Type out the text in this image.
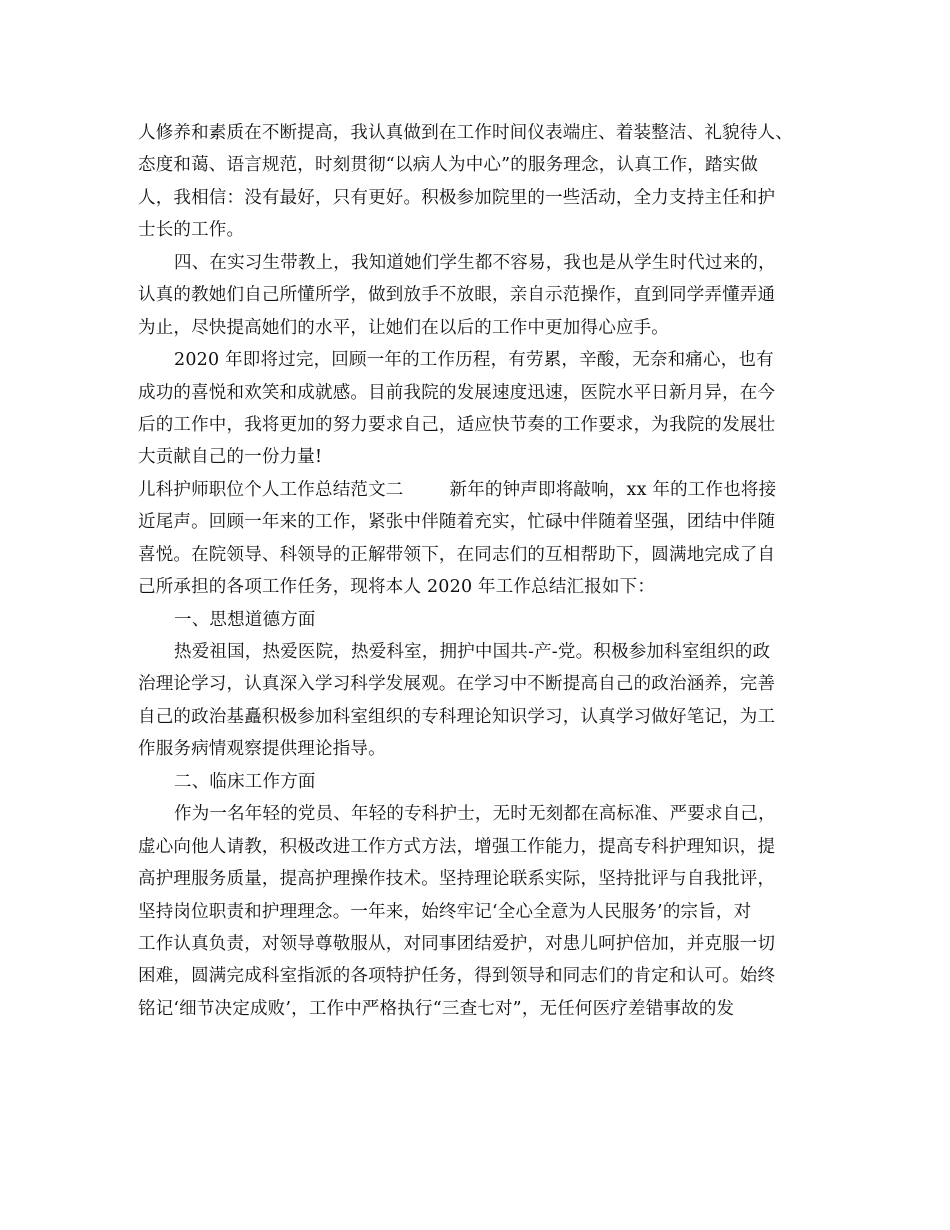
人修养和素质在不断提高，我认真做到在工作时间仪表端庄、着装整洁、礼貌待人、
态度和蔼、语言规范，时刻贯彻“以病人为中心”的服务理念，认真工作，踏实做
人，我相信：没有最好，只有更好。积极参加院里的一些活动，全力支持主任和护
士长的工作。
四、在实习生带教上，我知道她们学生都不容易，我也是从学生时代过来的，
认真的教她们自己所懂所学，做到放手不放眼，亲自示范操作，直到同学弄懂弄通
为止，尽快提高她们的水平，让她们在以后的工作中更加得心应手。
2020 年即将过完，回顾一年的工作历程，有劳累，辛酸，无奈和痛心，也有
成功的喜悦和欢笑和成就感。目前我院的发展速度迅速，医院水平日新月异，在今
后的工作中，我将更加的努力要求自己，适应快节奏的工作要求，为我院的发展壮
大贡献自己的一份力量!
儿科护师职位个人工作总结范文二	新年的钟声即将敲响，xx 年的工作也将接
近尾声。回顾一年来的工作，紧张中伴随着充实，忙碌中伴随着坚强，团结中伴随
喜悦。在院领导、科领导的正解带领下，在同志们的互相帮助下，圆满地完成了自
己所承担的各项工作任务，现将本人 2020 年工作总结汇报如下：
一、思想道德方面
热爱祖国，热爱医院，热爱科室，拥护中国共-产-党。积极参加科室组织的政
治理论学习，认真深入学习科学发展观。在学习中不断提高自己的政治涵养，完善
自己的政治基矗积极参加科室组织的专科理论知识学习，认真学习做好笔记，为工
作服务病情观察提供理论指导。
二、临床工作方面
作为一名年轻的党员、年轻的专科护士，无时无刻都在高标准、严要求自己，
虚心向他人请教，积极改进工作方式方法，增强工作能力，提高专科护理知识，提
高护理服务质量，提高护理操作技术。坚持理论联系实际，坚持批评与自我批评，
坚持岗位职责和护理理念。一年来，始终牢记‘全心全意为人民服务’的宗旨，对
工作认真负责，对领导尊敬服从，对同事团结爱护，对患儿呵护倍加，并克服一切
困难，圆满完成科室指派的各项特护任务，得到领导和同志们的肯定和认可。始终
铭记‘细节决定成败’，工作中严格执行“三查七对”，无任何医疗差错事故的发
